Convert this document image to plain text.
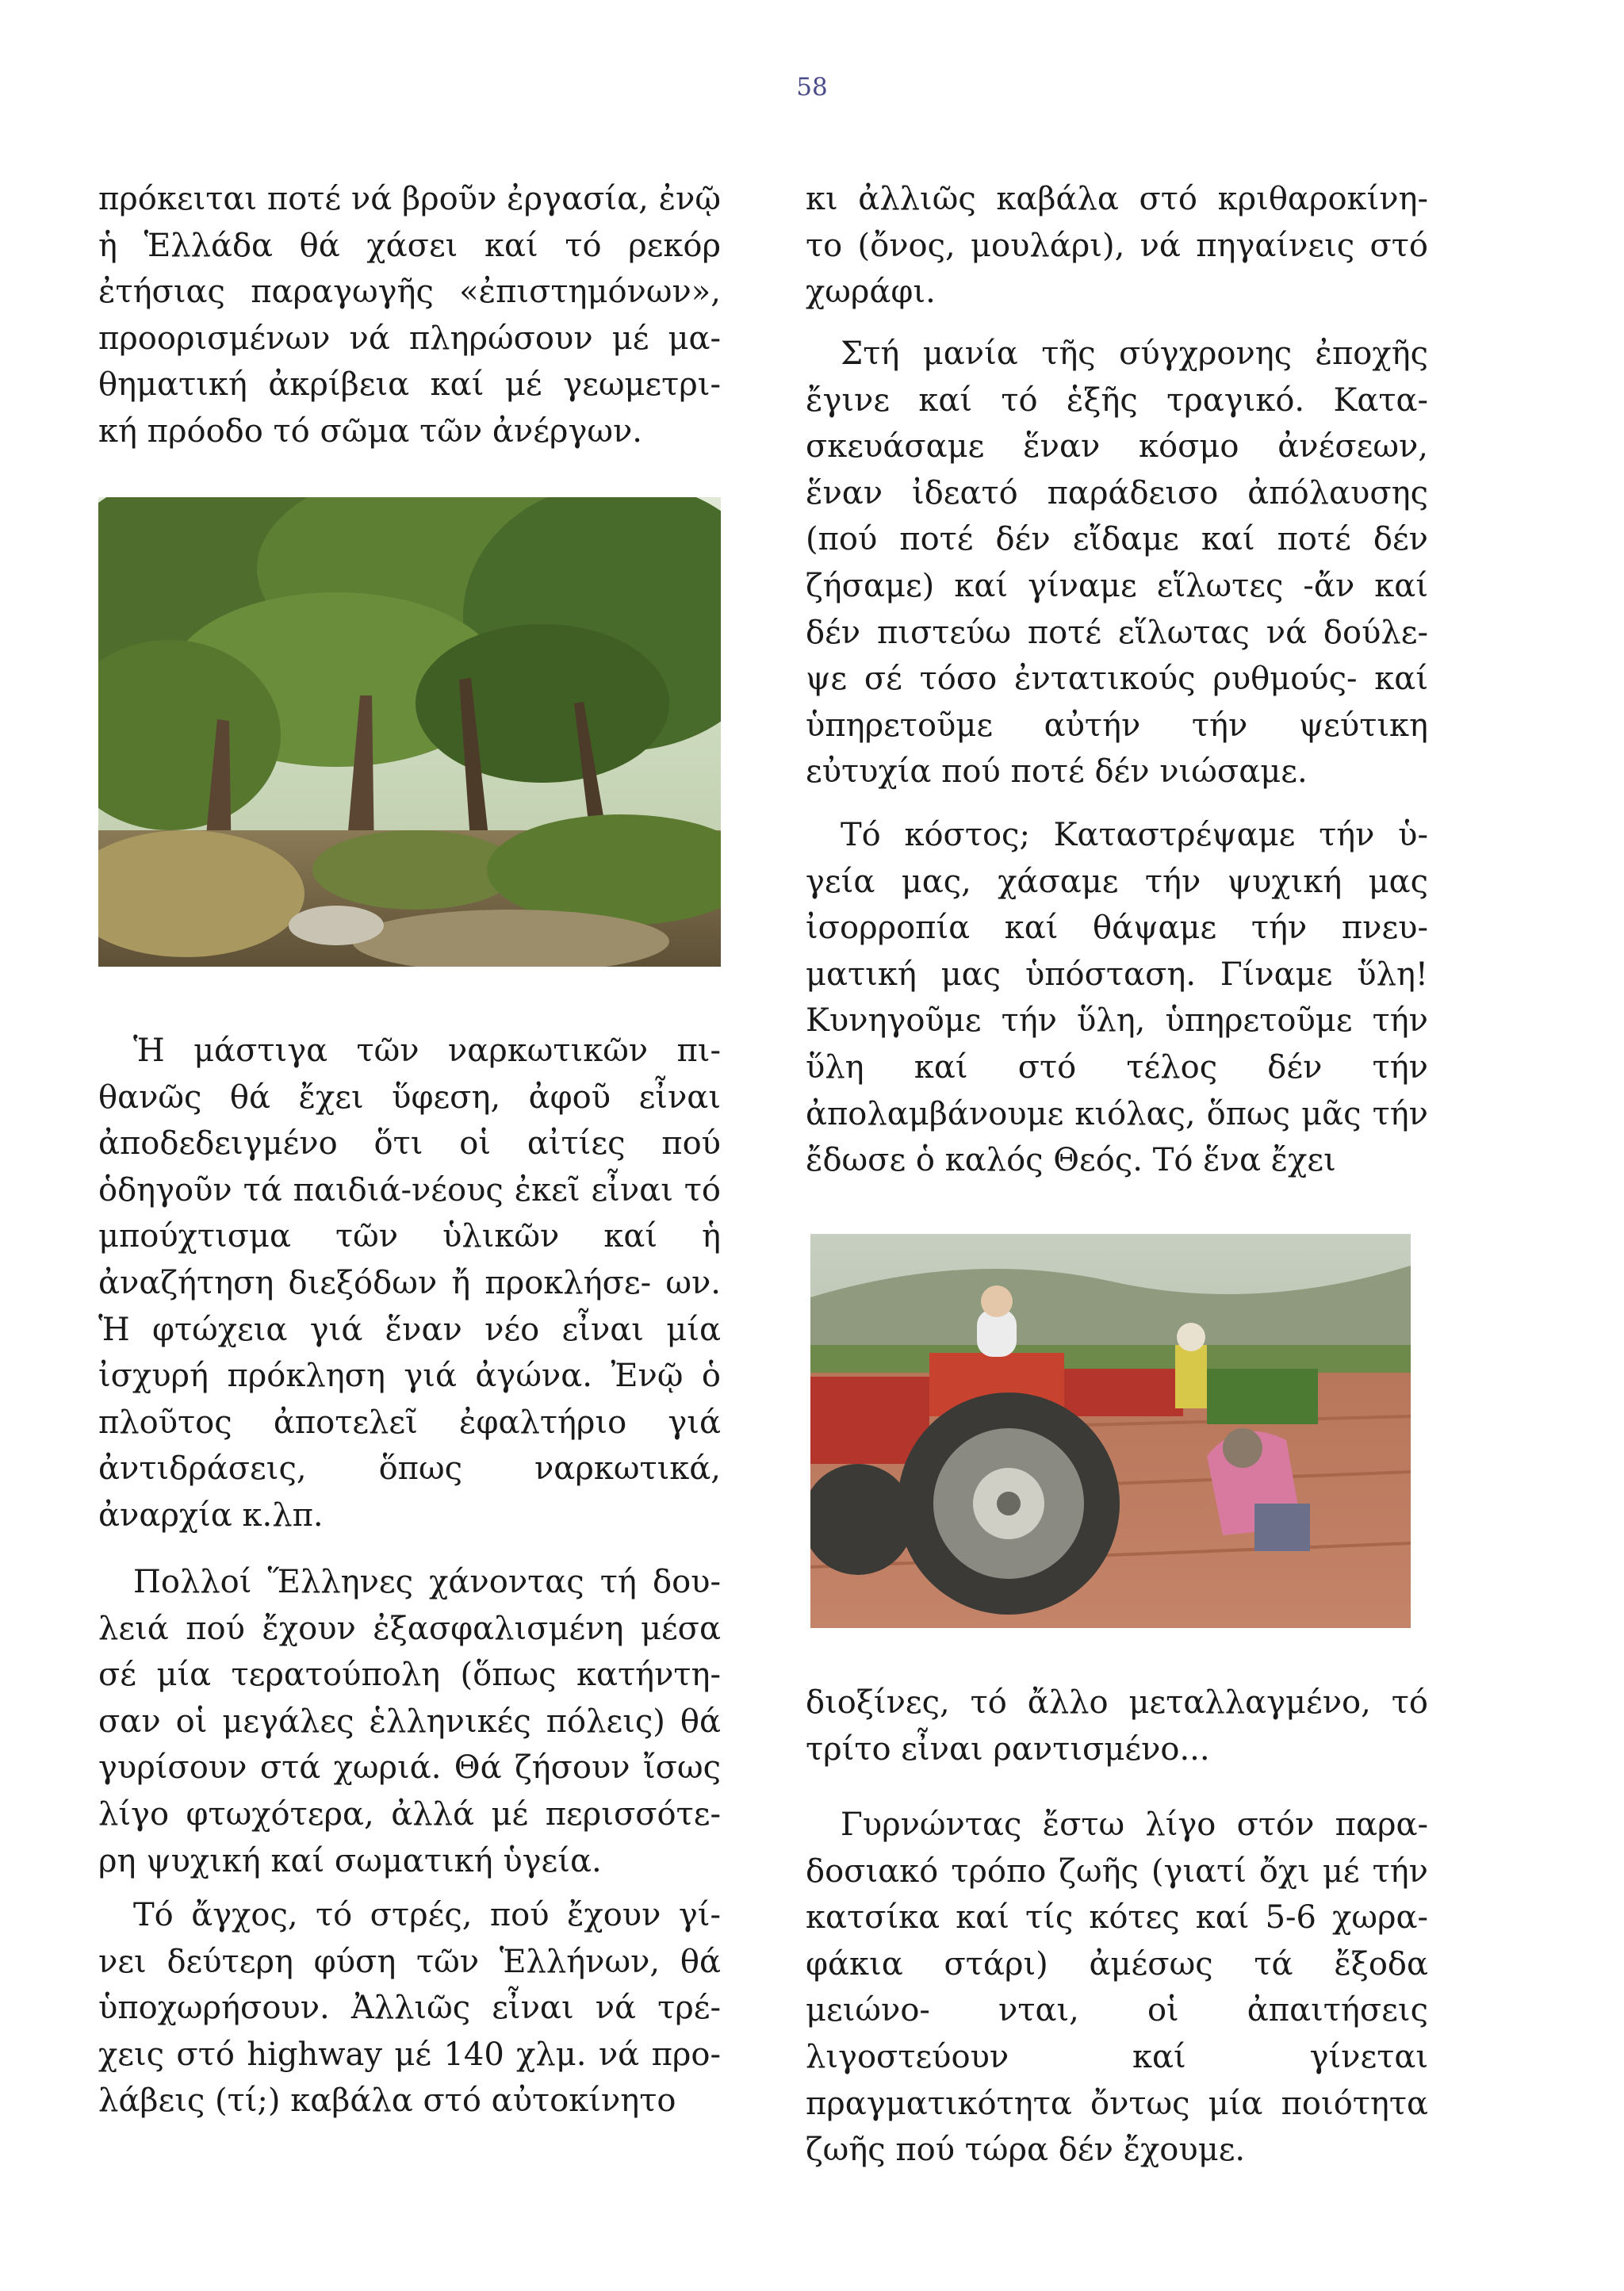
58

πρόκειται ποτέ νά βροῦν ἐργασία, ἐνῷ ἡ Ἑλλάδα θά χάσει καί τό ρεκόρ ἐτήσιας παραγωγῆς «ἐπιστημόνων», προορισμένων νά πληρώσουν μέ μα- θηματική ἀκρίβεια καί μέ γεωμετρι- κή πρόοδο τό σῶμα τῶν ἀνέργων.

Ἡ μάστιγα τῶν ναρκωτικῶν πι- θανῶς θά ἔχει ὕφεση, ἀφοῦ εἶναι ἀποδεδειγμένο ὅτι οἱ αἰτίες πού ὁδηγοῦν τά παιδιά-νέους ἐκεῖ εἶναι τό μπούχτισμα τῶν ὑλικῶν καί ἡ ἀναζήτηση διεξόδων ἤ προκλήσε- ων. Ἡ φτώχεια γιά ἕναν νέο εἶναι μία ἰσχυρή πρόκληση γιά ἀγώνα. Ἐνῷ ὁ πλοῦτος ἀποτελεῖ ἐφαλτήριο γιά ἀντιδράσεις, ὅπως ναρκωτικά, ἀναρχία κ.λπ.

Πολλοί Ἕλληνες χάνοντας τή δου- λειά πού ἔχουν ἐξασφαλισμένη μέσα σέ μία τερατούπολη (ὅπως κατήντη- σαν οἱ μεγάλες ἑλληνικές πόλεις) θά γυρίσουν στά χωριά. Θά ζήσουν ἴσως λίγο φτωχότερα, ἀλλά μέ περισσότε- ρη ψυχική καί σωματική ὑγεία.

Τό ἄγχος, τό στρές, πού ἔχουν γί- νει δεύτερη φύση τῶν Ἑλλήνων, θά ὑποχωρήσουν. Ἀλλιῶς εἶναι νά τρέ- χεις στό highway μέ 140 χλμ. νά προ- λάβεις (τί;) καβάλα στό αὐτοκίνητο

κι ἀλλιῶς καβάλα στό κριθαροκίνη- το (ὄνος, μουλάρι), νά πηγαίνεις στό χωράφι.

Στή μανία τῆς σύγχρονης ἐποχῆς ἔγινε καί τό ἑξῆς τραγικό. Κατα- σκευάσαμε ἕναν κόσμο ἀνέσεων, ἕναν ἰδεατό παράδεισο ἀπόλαυσης (πού ποτέ δέν εἴδαμε καί ποτέ δέν ζήσαμε) καί γίναμε εἵλωτες -ἄν καί δέν πιστεύω ποτέ εἵλωτας νά δούλε- ψε σέ τόσο ἐντατικούς ρυθμούς- καί ὑπηρετοῦμε αὐτήν τήν ψεύτικη εὐτυχία πού ποτέ δέν νιώσαμε.

Τό κόστος; Καταστρέψαμε τήν ὑ- γεία μας, χάσαμε τήν ψυχική μας ἰσορροπία καί θάψαμε τήν πνευ- ματική μας ὑπόσταση. Γίναμε ὕλη! Κυνηγοῦμε τήν ὕλη, ὑπηρετοῦμε τήν ὕλη καί στό τέλος δέν τήν ἀπολαμβάνουμε κιόλας, ὅπως μᾶς τήν ἔδωσε ὁ καλός Θεός. Τό ἕνα ἔχει

διοξίνες, τό ἄλλο μεταλλαγμένο, τό τρίτο εἶναι ραντισμένο...

Γυρνώντας ἔστω λίγο στόν παρα- δοσιακό τρόπο ζωῆς (γιατί ὄχι μέ τήν κατσίκα καί τίς κότες καί 5-6 χωρα- φάκια στάρι) ἀμέσως τά ἔξοδα μειώνο- νται, οἱ ἀπαιτήσεις λιγοστεύουν καί	γίνεται πραγματικότητα ὄντως μία ποιότητα ζωῆς πού τώρα δέν ἔχουμε.
